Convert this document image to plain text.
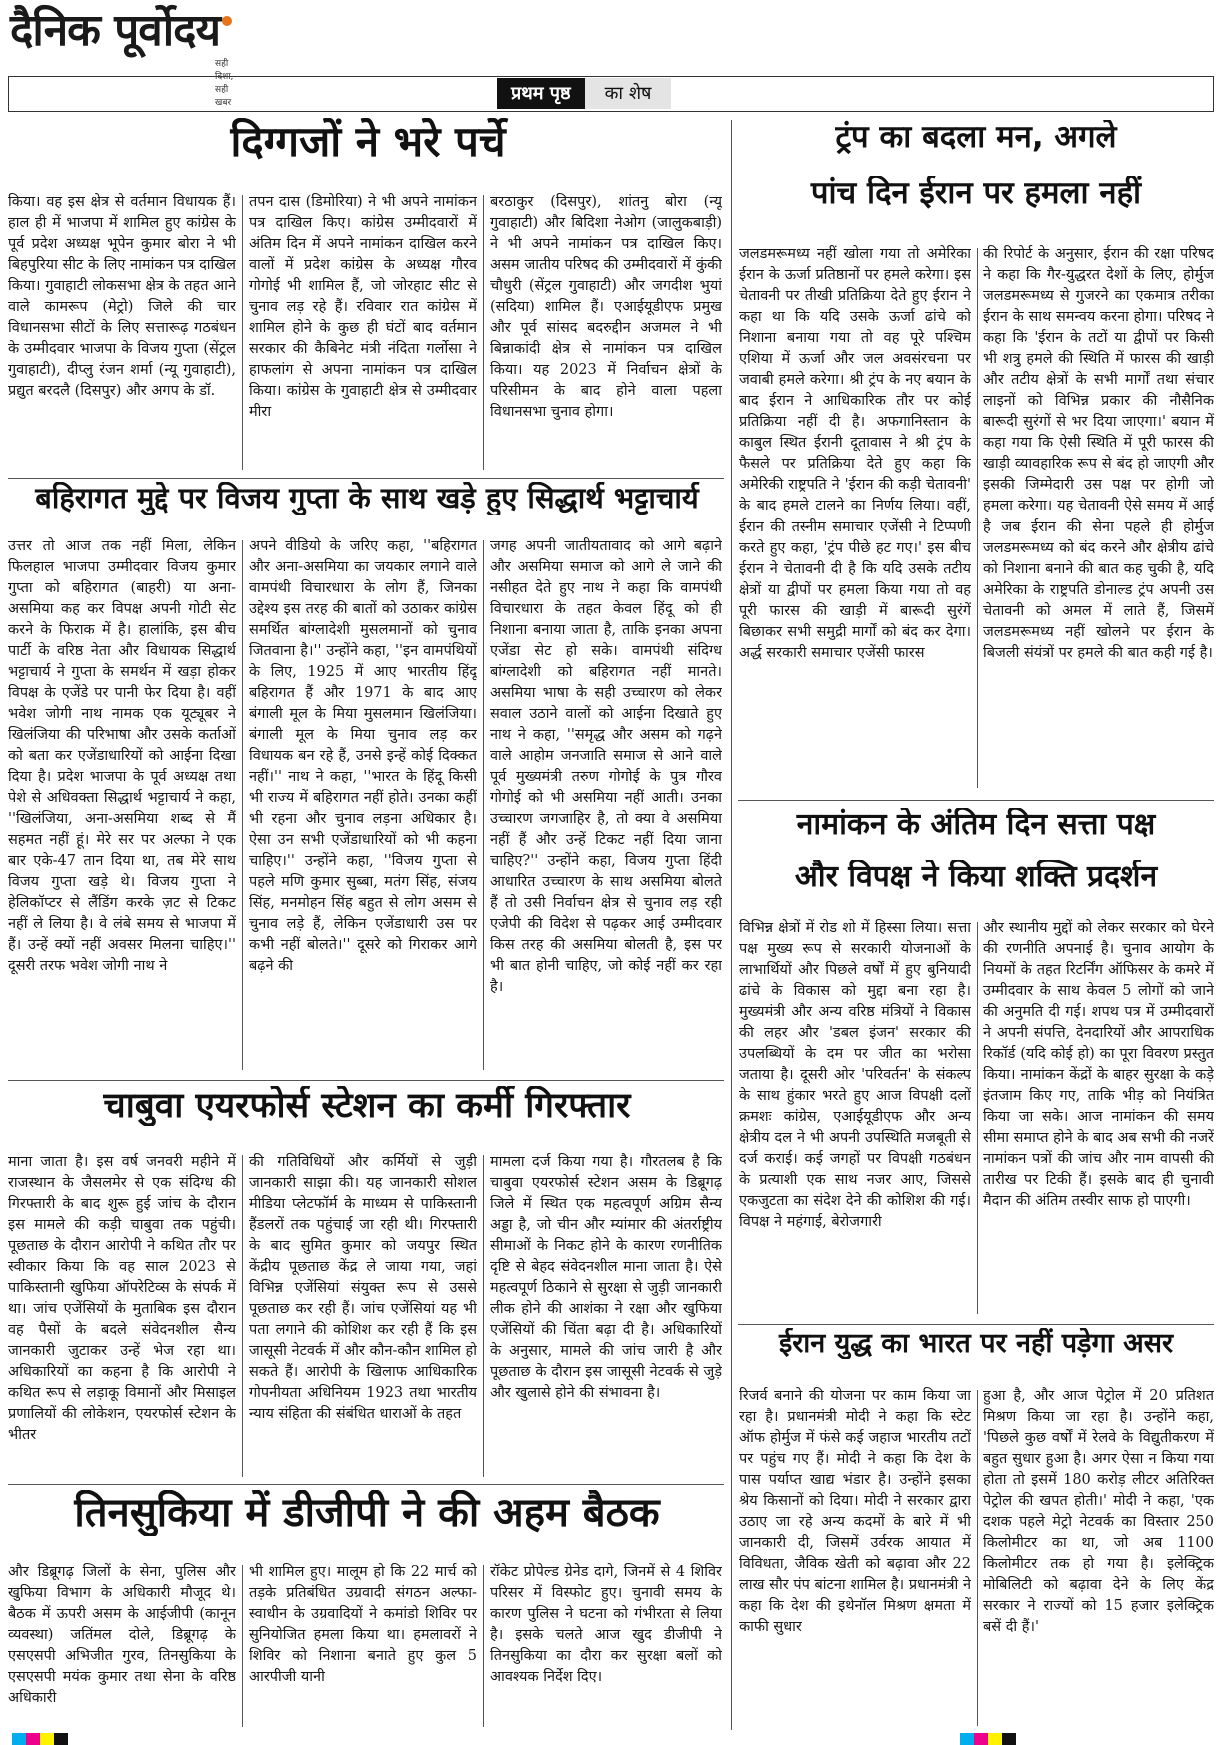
दैनिक पूर्वोदय
सही दिशा, सही खबर	प्रथम पृष्ठ	का शेष
दिग्गजों ने भरे पर्चे

किया। वह इस क्षेत्र से वर्तमान विधायक हैं। हाल ही में भाजपा में शामिल हुए कांग्रेस के पूर्व प्रदेश अध्यक्ष भूपेन कुमार बोरा ने भी बिहपुरिया सीट के लिए नामांकन पत्र दाखिल किया। गुवाहाटी लोकसभा क्षेत्र के तहत आने वाले कामरूप (मेट्रो) जिले की चार विधानसभा सीटों के लिए सत्तारूढ़ गठबंधन के उम्मीदवार भाजपा के विजय गुप्ता (सेंट्रल गुवाहाटी), दीप्लु रंजन शर्मा (न्यू गुवाहाटी), प्रद्युत बरदलै (दिसपुर) और अगप के डॉ.

तपन दास (डिमोरिया) ने भी अपने नामांकन पत्र दाखिल किए। कांग्रेस उम्मीदवारों में अंतिम दिन में अपने नामांकन दाखिल करने वालों में प्रदेश कांग्रेस के अध्यक्ष गौरव गोगोई भी शामिल हैं, जो जोरहाट सीट से चुनाव लड़ रहे हैं। रविवार रात कांग्रेस में शामिल होने के कुछ ही घंटों बाद वर्तमान सरकार की कैबिनेट मंत्री नंदिता गर्लोसा ने हाफलांग से अपना नामांकन पत्र दाखिल किया। कांग्रेस के गुवाहाटी क्षेत्र से उम्मीदवार मीरा

बरठाकुर (दिसपुर), शांतनु बोरा (न्यू गुवाहाटी) और बिदिशा नेओग (जालुकबाड़ी) ने भी अपने नामांकन पत्र दाखिल किए। असम जातीय परिषद की उम्मीदवारों में कुंकी चौधुरी (सेंट्रल गुवाहाटी) और जगदीश भुयां (सदिया) शामिल हैं। एआईयूडीएफ प्रमुख और पूर्व सांसद बदरुद्दीन अजमल ने भी बिन्नाकांदी क्षेत्र से नामांकन पत्र दाखिल किया। यह 2023 में निर्वाचन क्षेत्रों के परिसीमन के बाद होने वाला पहला विधानसभा चुनाव होगा।

बहिरागत मुद्दे पर विजय गुप्ता के साथ खड़े हुए सिद्धार्थ भट्टाचार्य

उत्तर तो आज तक नहीं मिला, लेकिन फिलहाल भाजपा उम्मीदवार विजय कुमार गुप्ता को बहिरागत (बाहरी) या अना-असमिया कह कर विपक्ष अपनी गोटी सेट करने के फिराक में है। हालांकि, इस बीच पार्टी के वरिष्ठ नेता और विधायक सिद्धार्थ भट्टाचार्य ने गुप्ता के समर्थन में खड़ा होकर विपक्ष के एजेंडे पर पानी फेर दिया है। वहीं भवेश जोगी नाथ नामक एक यूट्यूबर ने खिलंजिया की परिभाषा और उसके कर्ताओं को बता कर एजेंडाधारियों को आईना दिखा दिया है। प्रदेश भाजपा के पूर्व अध्यक्ष तथा पेशे से अधिवक्ता सिद्धार्थ भट्टाचार्य ने कहा, ''खिलंजिया, अना-असमिया शब्द से मैं सहमत नहीं हूं। मेरे सर पर अल्फा ने एक बार एके-47 तान दिया था, तब मेरे साथ विजय गुप्ता खड़े थे। विजय गुप्ता ने हेलिकॉप्टर से लैंडिंग करके ज़ट से टिकट नहीं ले लिया है। वे लंबे समय से भाजपा में हैं। उन्हें क्यों नहीं अवसर मिलना चाहिए।'' दूसरी तरफ भवेश जोगी नाथ ने

अपने वीडियो के जरिए कहा, ''बहिरागत और अना-असमिया का जयकार लगाने वाले वामपंथी विचारधारा के लोग हैं, जिनका उद्देश्य इस तरह की बातों को उठाकर कांग्रेस समर्थित बांग्लादेशी मुसलमानों को चुनाव जितवाना है।'' उन्होंने कहा, ''इन वामपंथियों के लिए, 1925 में आए भारतीय हिंदू बहिरागत हैं और 1971 के बाद आए बंगाली मूल के मिया मुसलमान खिलंजिया। बंगाली मूल के मिया चुनाव लड़ कर विधायक बन रहे हैं, उनसे इन्हें कोई दिक्कत नहीं।'' नाथ ने कहा, ''भारत के हिंदू किसी भी राज्य में बहिरागत नहीं होते। उनका कहीं भी रहना और चुनाव लड़ना अधिकार है। ऐसा उन सभी एजेंडाधारियों को भी कहना चाहिए।'' उन्होंने कहा, ''विजय गुप्ता से पहले मणि कुमार सुब्बा, मतंग सिंह, संजय सिंह, मनमोहन सिंह बहुत से लोग असम से चुनाव लड़े हैं, लेकिन एजेंडाधारी उस पर कभी नहीं बोलते।'' दूसरे को गिराकर आगे बढ़ने की

जगह अपनी जातीयतावाद को आगे बढ़ाने और असमिया समाज को आगे ले जाने की नसीहत देते हुए नाथ ने कहा कि वामपंथी विचारधारा के तहत केवल हिंदू को ही निशाना बनाया जाता है, ताकि इनका अपना एजेंडा सेट हो सके। वामपंथी संदिग्ध बांग्लादेशी को बहिरागत नहीं मानते। असमिया भाषा के सही उच्चारण को लेकर सवाल उठाने वालों को आईना दिखाते हुए नाथ ने कहा, ''समृद्ध और असम को गढ़ने वाले आहोम जनजाति समाज से आने वाले पूर्व मुख्यमंत्री तरुण गोगोई के पुत्र गौरव गोगोई को भी असमिया नहीं आती। उनका उच्चारण जगजाहिर है, तो क्या वे असमिया नहीं हैं और उन्हें टिकट नहीं दिया जाना चाहिए?'' उन्होंने कहा, विजय गुप्ता हिंदी आधारित उच्चारण के साथ असमिया बोलते हैं तो उसी निर्वाचन क्षेत्र से चुनाव लड़ रही एजेपी की विदेश से पढ़कर आई उम्मीदवार किस तरह की असमिया बोलती है, इस पर भी बात होनी चाहिए, जो कोई नहीं कर रहा है।

चाबुवा एयरफोर्स स्टेशन का कर्मी गिरफ्तार

माना जाता है। इस वर्ष जनवरी महीने में राजस्थान के जैसलमेर से एक संदिग्ध की गिरफ्तारी के बाद शुरू हुई जांच के दौरान इस मामले की कड़ी चाबुवा तक पहुंची। पूछताछ के दौरान आरोपी ने कथित तौर पर स्वीकार किया कि वह साल 2023 से पाकिस्तानी खुफिया ऑपरेटिव्स के संपर्क में था। जांच एजेंसियों के मुताबिक इस दौरान वह पैसों के बदले संवेदनशील सैन्य जानकारी जुटाकर उन्हें भेज रहा था। अधिकारियों का कहना है कि आरोपी ने कथित रूप से लड़ाकू विमानों और मिसाइल प्रणालियों की लोकेशन, एयरफोर्स स्टेशन के भीतर

की गतिविधियों और कर्मियों से जुड़ी जानकारी साझा की। यह जानकारी सोशल मीडिया प्लेटफॉर्म के माध्यम से पाकिस्तानी हैंडलरों तक पहुंचाई जा रही थी। गिरफ्तारी के बाद सुमित कुमार को जयपुर स्थित केंद्रीय पूछताछ केंद्र ले जाया गया, जहां विभिन्न एजेंसियां संयुक्त रूप से उससे पूछताछ कर रही हैं। जांच एजेंसियां यह भी पता लगाने की कोशिश कर रही हैं कि इस जासूसी नेटवर्क में और कौन-कौन शामिल हो सकते हैं। आरोपी के खिलाफ आधिकारिक गोपनीयता अधिनियम 1923 तथा भारतीय न्याय संहिता की संबंधित धाराओं के तहत

मामला दर्ज किया गया है। गौरतलब है कि चाबुवा एयरफोर्स स्टेशन असम के डिब्रूगढ़ जिले में स्थित एक महत्वपूर्ण अग्रिम सैन्य अड्डा है, जो चीन और म्यांमार की अंतर्राष्ट्रीय सीमाओं के निकट होने के कारण रणनीतिक दृष्टि से बेहद संवेदनशील माना जाता है। ऐसे महत्वपूर्ण ठिकाने से सुरक्षा से जुड़ी जानकारी लीक होने की आशंका ने रक्षा और खुफिया एजेंसियों की चिंता बढ़ा दी है। अधिकारियों के अनुसार, मामले की जांच जारी है और पूछताछ के दौरान इस जासूसी नेटवर्क से जुड़े और खुलासे होने की संभावना है।

तिनसुकिया में डीजीपी ने की अहम बैठक

और डिब्रूगढ़ जिलों के सेना, पुलिस और खुफिया विभाग के अधिकारी मौजूद थे। बैठक में ऊपरी असम के आईजीपी (कानून व्यवस्था) जतिंमल दोले, डिब्रूगढ़ के एसएसपी अभिजीत गुरव, तिनसुकिया के एसएसपी मयंक कुमार तथा सेना के वरिष्ठ अधिकारी

भी शामिल हुए। मालूम हो कि 22 मार्च को तड़के प्रतिबंधित उग्रवादी संगठन अल्फा-स्वाधीन के उग्रवादियों ने कमांडो शिविर पर सुनियोजित हमला किया था। हमलावरों ने शिविर को निशाना बनाते हुए कुल 5 आरपीजी यानी

रॉकेट प्रोपेल्ड ग्रेनेड दागे, जिनमें से 4 शिविर परिसर में विस्फोट हुए। चुनावी समय के कारण पुलिस ने घटना को गंभीरता से लिया है। इसके चलते आज खुद डीजीपी ने तिनसुकिया का दौरा कर सुरक्षा बलों को आवश्यक निर्देश दिए।

ट्रंप का बदला मन, अगले
पांच दिन ईरान पर हमला नहीं

जलडमरूमध्य नहीं खोला गया तो अमेरिका ईरान के ऊर्जा प्रतिष्ठानों पर हमले करेगा। इस चेतावनी पर तीखी प्रतिक्रिया देते हुए ईरान ने कहा था कि यदि उसके ऊर्जा ढांचे को निशाना बनाया गया तो वह पूरे पश्चिम एशिया में ऊर्जा और जल अवसंरचना पर जवाबी हमले करेगा। श्री ट्रंप के नए बयान के बाद ईरान ने आधिकारिक तौर पर कोई प्रतिक्रिया नहीं दी है। अफगानिस्तान के काबुल स्थित ईरानी दूतावास ने श्री ट्रंप के फैसले पर प्रतिक्रिया देते हुए कहा कि अमेरिकी राष्ट्रपति ने 'ईरान की कड़ी चेतावनी' के बाद हमले टालने का निर्णय लिया। वहीं, ईरान की तस्नीम समाचार एजेंसी ने टिप्पणी करते हुए कहा, 'ट्रंप पीछे हट गए।' इस बीच ईरान ने चेतावनी दी है कि यदि उसके तटीय क्षेत्रों या द्वीपों पर हमला किया गया तो वह पूरी फारस की खाड़ी में बारूदी सुरंगें बिछाकर सभी समुद्री मार्गों को बंद कर देगा। अर्द्ध सरकारी समाचार एजेंसी फारस

की रिपोर्ट के अनुसार, ईरान की रक्षा परिषद ने कहा कि गैर-युद्धरत देशों के लिए, होर्मुज जलडमरूमध्य से गुजरने का एकमात्र तरीका ईरान के साथ समन्वय करना होगा। परिषद ने कहा कि 'ईरान के तटों या द्वीपों पर किसी भी शत्रु हमले की स्थिति में फारस की खाड़ी और तटीय क्षेत्रों के सभी मार्गों तथा संचार लाइनों को विभिन्न प्रकार की नौसैनिक बारूदी सुरंगों से भर दिया जाएगा।' बयान में कहा गया कि ऐसी स्थिति में पूरी फारस की खाड़ी व्यावहारिक रूप से बंद हो जाएगी और इसकी जिम्मेदारी उस पक्ष पर होगी जो हमला करेगा। यह चेतावनी ऐसे समय में आई है जब ईरान की सेना पहले ही होर्मुज जलडमरूमध्य को बंद करने और क्षेत्रीय ढांचे को निशाना बनाने की बात कह चुकी है, यदि अमेरिका के राष्ट्रपति डोनाल्ड ट्रंप अपनी उस चेतावनी को अमल में लाते हैं, जिसमें जलडमरूमध्य नहीं खोलने पर ईरान के बिजली संयंत्रों पर हमले की बात कही गई है।

नामांकन के अंतिम दिन सत्ता पक्ष
और विपक्ष ने किया शक्ति प्रदर्शन

विभिन्न क्षेत्रों में रोड शो में हिस्सा लिया। सत्ता पक्ष मुख्य रूप से सरकारी योजनाओं के लाभार्थियों और पिछले वर्षों में हुए बुनियादी ढांचे के विकास को मुद्दा बना रहा है। मुख्यमंत्री और अन्य वरिष्ठ मंत्रियों ने विकास की लहर और 'डबल इंजन' सरकार की उपलब्धियों के दम पर जीत का भरोसा जताया है। दूसरी ओर 'परिवर्तन' के संकल्प के साथ हुंकार भरते हुए आज विपक्षी दलों क्रमशः कांग्रेस, एआईयूडीएफ और अन्य क्षेत्रीय दल ने भी अपनी उपस्थिति मजबूती से दर्ज कराई। कई जगहों पर विपक्षी गठबंधन के प्रत्याशी एक साथ नजर आए, जिससे एकजुटता का संदेश देने की कोशिश की गई। विपक्ष ने महंगाई, बेरोजगारी

और स्थानीय मुद्दों को लेकर सरकार को घेरने की रणनीति अपनाई है। चुनाव आयोग के नियमों के तहत रिटर्निंग ऑफिसर के कमरे में उम्मीदवार के साथ केवल 5 लोगों को जाने की अनुमति दी गई। शपथ पत्र में उम्मीदवारों ने अपनी संपत्ति, देनदारियों और आपराधिक रिकॉर्ड (यदि कोई हो) का पूरा विवरण प्रस्तुत किया। नामांकन केंद्रों के बाहर सुरक्षा के कड़े इंतजाम किए गए, ताकि भीड़ को नियंत्रित किया जा सके। आज नामांकन की समय सीमा समाप्त होने के बाद अब सभी की नजरें नामांकन पत्रों की जांच और नाम वापसी की तारीख पर टिकी हैं। इसके बाद ही चुनावी मैदान की अंतिम तस्वीर साफ हो पाएगी।

ईरान युद्ध का भारत पर नहीं पड़ेगा असर

रिजर्व बनाने की योजना पर काम किया जा रहा है। प्रधानमंत्री मोदी ने कहा कि स्टेट ऑफ होर्मुज में फंसे कई जहाज भारतीय तटों पर पहुंच गए हैं। मोदी ने कहा कि देश के पास पर्याप्त खाद्य भंडार है। उन्होंने इसका श्रेय किसानों को दिया। मोदी ने सरकार द्वारा उठाए जा रहे अन्य कदमों के बारे में भी जानकारी दी, जिसमें उर्वरक आयात में विविधता, जैविक खेती को बढ़ावा और 22 लाख सौर पंप बांटना शामिल है। प्रधानमंत्री ने कहा कि देश की इथेनॉल मिश्रण क्षमता में काफी सुधार

हुआ है, और आज पेट्रोल में 20 प्रतिशत मिश्रण किया जा रहा है। उन्होंने कहा, 'पिछले कुछ वर्षों में रेलवे के विद्युतीकरण में बहुत सुधार हुआ है। अगर ऐसा न किया गया होता तो इसमें 180 करोड़ लीटर अतिरिक्त पेट्रोल की खपत होती।' मोदी ने कहा, 'एक दशक पहले मेट्रो नेटवर्क का विस्तार 250 किलोमीटर का था, जो अब 1100 किलोमीटर तक हो गया है। इलेक्ट्रिक मोबिलिटी को बढ़ावा देने के लिए केंद्र सरकार ने राज्यों को 15 हजार इलेक्ट्रिक बसें दी हैं।'
